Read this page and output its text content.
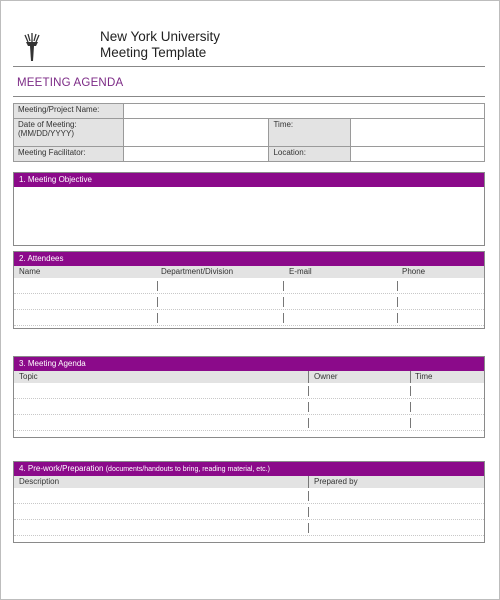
New York University
Meeting Template
MEETING AGENDA
Meeting/Project Name:			

Date of Meeting:
(MM/DD/YYYY)		Time:	
Meeting Facilitator:		Location:	
1. Meeting Objective
2. Attendees
Name	Department/Division	E-mail	Phone
3. Meeting Agenda
Topic	Owner	Time
4. Pre-work/Preparation (documents/handouts to bring, reading material, etc.)
Description	Prepared by
